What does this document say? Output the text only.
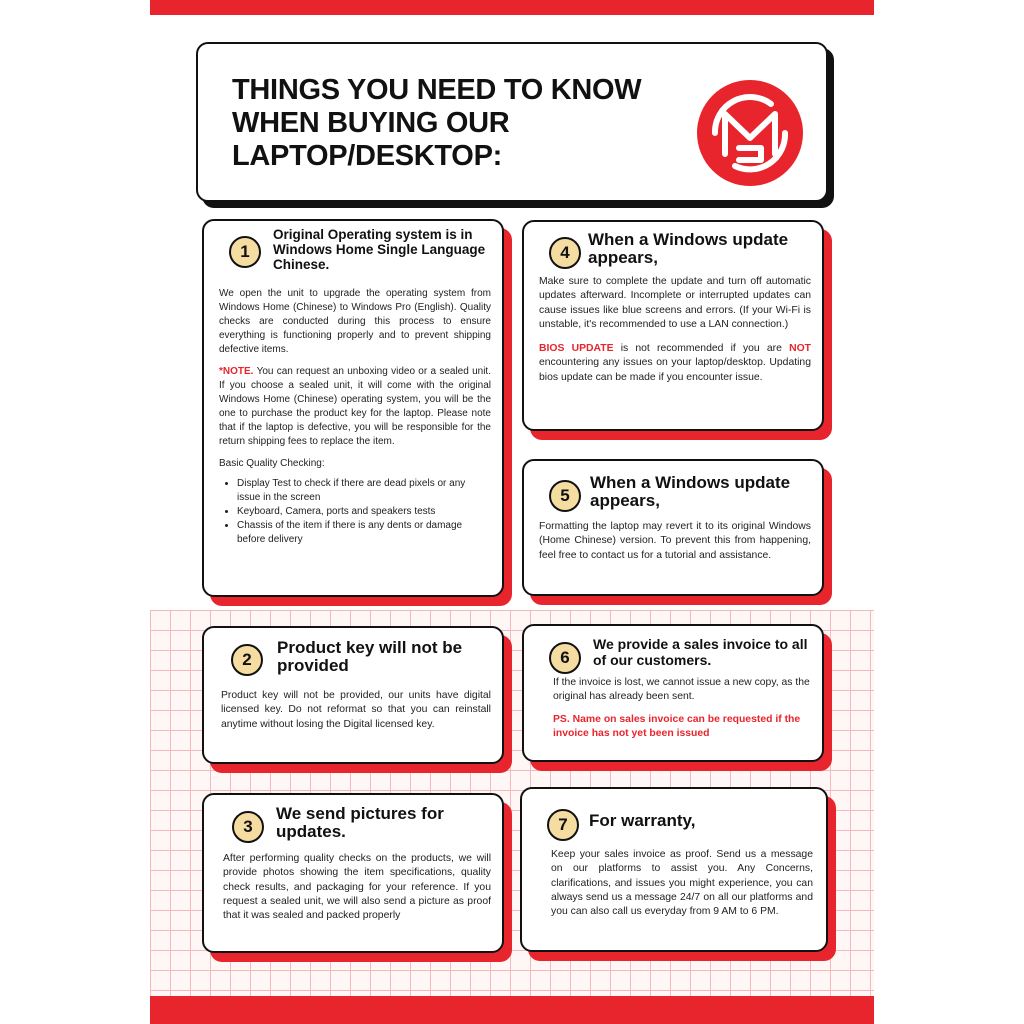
THINGS YOU NEED TO KNOW WHEN BUYING OUR LAPTOP/DESKTOP:
1
Original Operating system is in Windows Home Single Language Chinese.

We open the unit to upgrade the operating system from Windows Home (Chinese) to Windows Pro (English). Quality checks are conducted during this process to ensure everything is functioning properly and to prevent shipping defective items.

*NOTE. You can request an unboxing video or a sealed unit. If you choose a sealed unit, it will come with the original Windows Home (Chinese) operating system, you will be the one to purchase the product key for the laptop. Please note that if the laptop is defective, you will be responsible for the return shipping fees to replace the item.

Basic Quality Checking:

• Display Test to check if there are dead pixels or any issue in the screen
• Keyboard, Camera, ports and speakers tests
• Chassis of the item if there is any dents or damage before delivery
4
When a Windows update appears,

Make sure to complete the update and turn off automatic updates afterward. Incomplete or interrupted updates can cause issues like blue screens and errors. (If your Wi-Fi is unstable, it's recommended to use a LAN connection.)

BIOS UPDATE is not recommended if you are NOT encountering any issues on your laptop/desktop. Updating bios update can be made if you encounter issue.

5
When a Windows update appears,

Formatting the laptop may revert it to its original Windows (Home Chinese) version. To prevent this from happening, feel free to contact us for a tutorial and assistance.

2
Product key will not be provided

Product key will not be provided, our units have digital licensed key. Do not reformat so that you can reinstall anytime without losing the Digital licensed key.

6
We provide a sales invoice to all of our customers.

If the invoice is lost, we cannot issue a new copy, as the original has already been sent.

PS. Name on sales invoice can be requested if the invoice has not yet been issued

3
We send pictures for updates.

After performing quality checks on the products, we will provide photos showing the item specifications, quality check results, and packaging for your reference. If you request a sealed unit, we will also send a picture as proof that it was sealed and packed properly

7	For warranty,

Keep your sales invoice as proof. Send us a message on our platforms to assist you. Any Concerns, clarifications, and issues you might experience, you can always send us a message 24/7 on all our platforms and you can also call us everyday from 9 AM to 6 PM.
